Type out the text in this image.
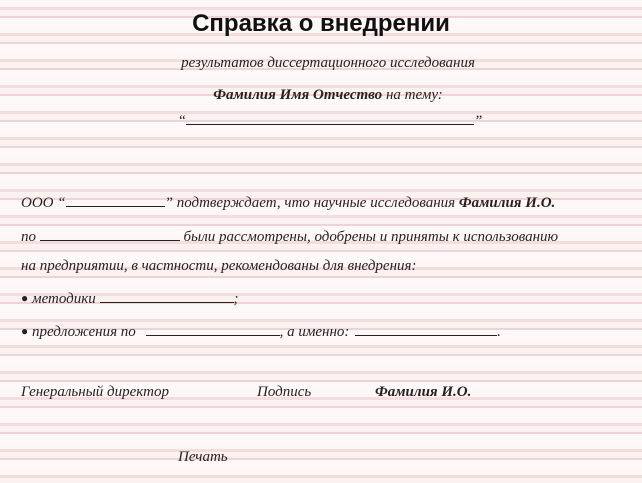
Справка о внедрении
результатов диссертационного исследования
Фамилия Имя Отчество на тему:
“	”
ООО “	” подтверждает, что научные исследования Фамилия И.О.
по	были рассмотрены, одобрены и приняты к использованию
на предприятии, в частности, рекомендованы для внедрения:
● методики	;
● предложения по	, а именно:	.
Генеральный директор	Подпись	Фамилия И.О.
Печать
